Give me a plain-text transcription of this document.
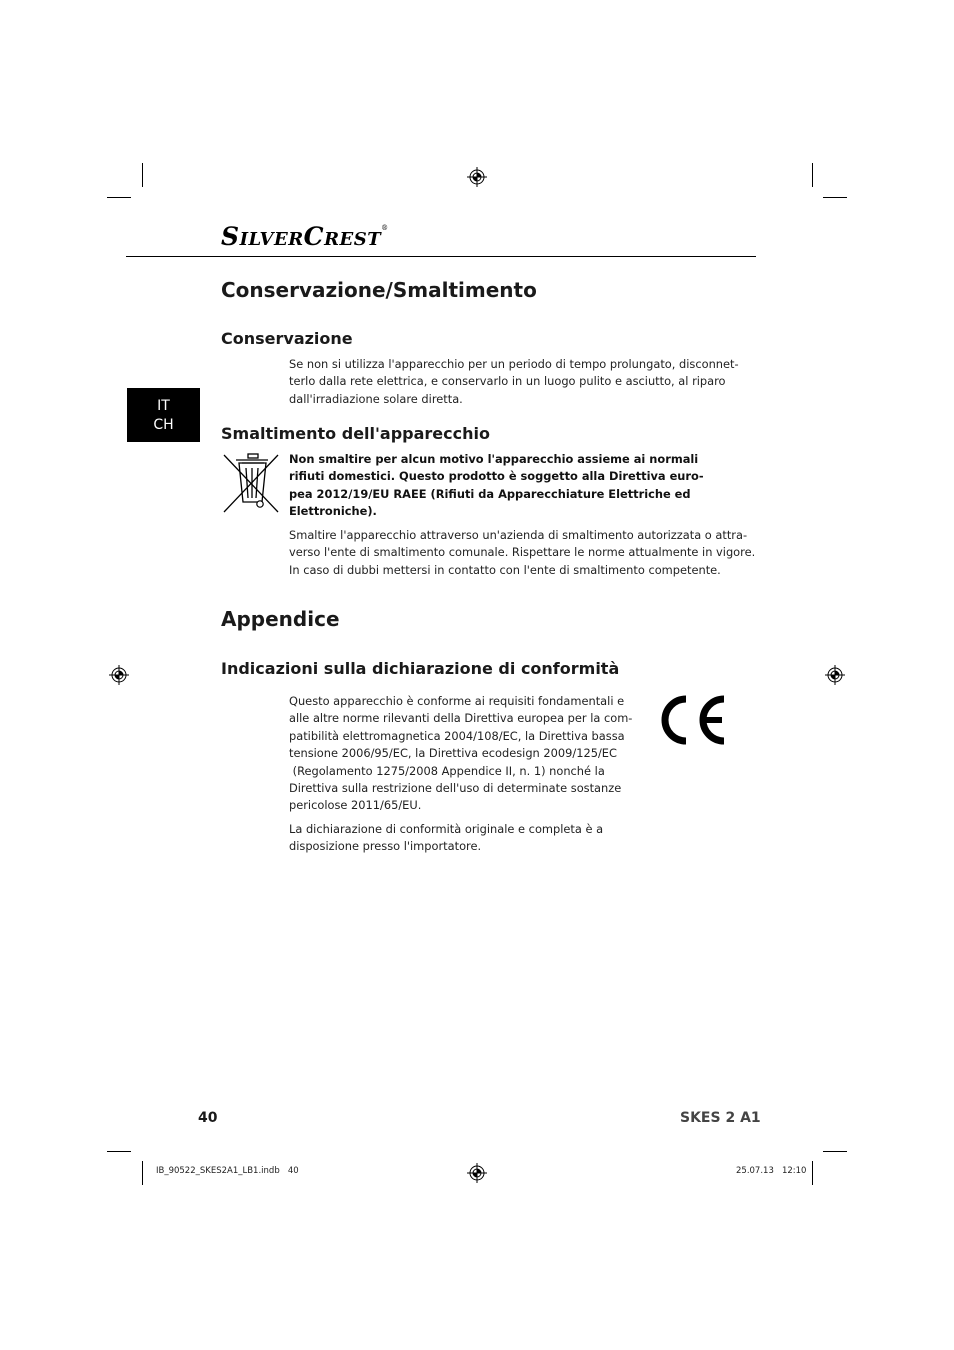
SILVERCREST®
IT
CH
Conservazione/Smaltimento
Conservazione
Se non si utilizza l'apparecchio per un periodo di tempo prolungato, disconnet-
terlo dalla rete elettrica, e conservarlo in un luogo pulito e asciutto, al riparo
dall'irradiazione solare diretta.
Smaltimento dell'apparecchio
Non smaltire per alcun motivo l'apparecchio assieme ai normali
rifiuti domestici. Questo prodotto è soggetto alla Direttiva euro-
pea 2012/19/EU RAEE (Rifiuti da Apparecchiature Elettriche ed
Elettroniche).
Smaltire l'apparecchio attraverso un'azienda di smaltimento autorizzata o attra-
verso l'ente di smaltimento comunale. Rispettare le norme attualmente in vigore.
In caso di dubbi mettersi in contatto con l'ente di smaltimento competente.
Appendice
Indicazioni sulla dichiarazione di conformità
Questo apparecchio è conforme ai requisiti fondamentali e
alle altre norme rilevanti della Direttiva europea per la com-
patibilità elettromagnetica 2004/108/EC, la Direttiva bassa
tensione 2006/95/EC, la Direttiva ecodesign 2009/125/EC
(Regolamento 1275/2008 Appendice II, n. 1) nonché la
Direttiva sulla restrizione dell'uso di determinate sostanze
pericolose 2011/65/EU.
La dichiarazione di conformità originale e completa è a
disposizione presso l'importatore.
40	SKES 2 A1
IB_90522_SKES2A1_LB1.indb   40	25.07.13   12:10
